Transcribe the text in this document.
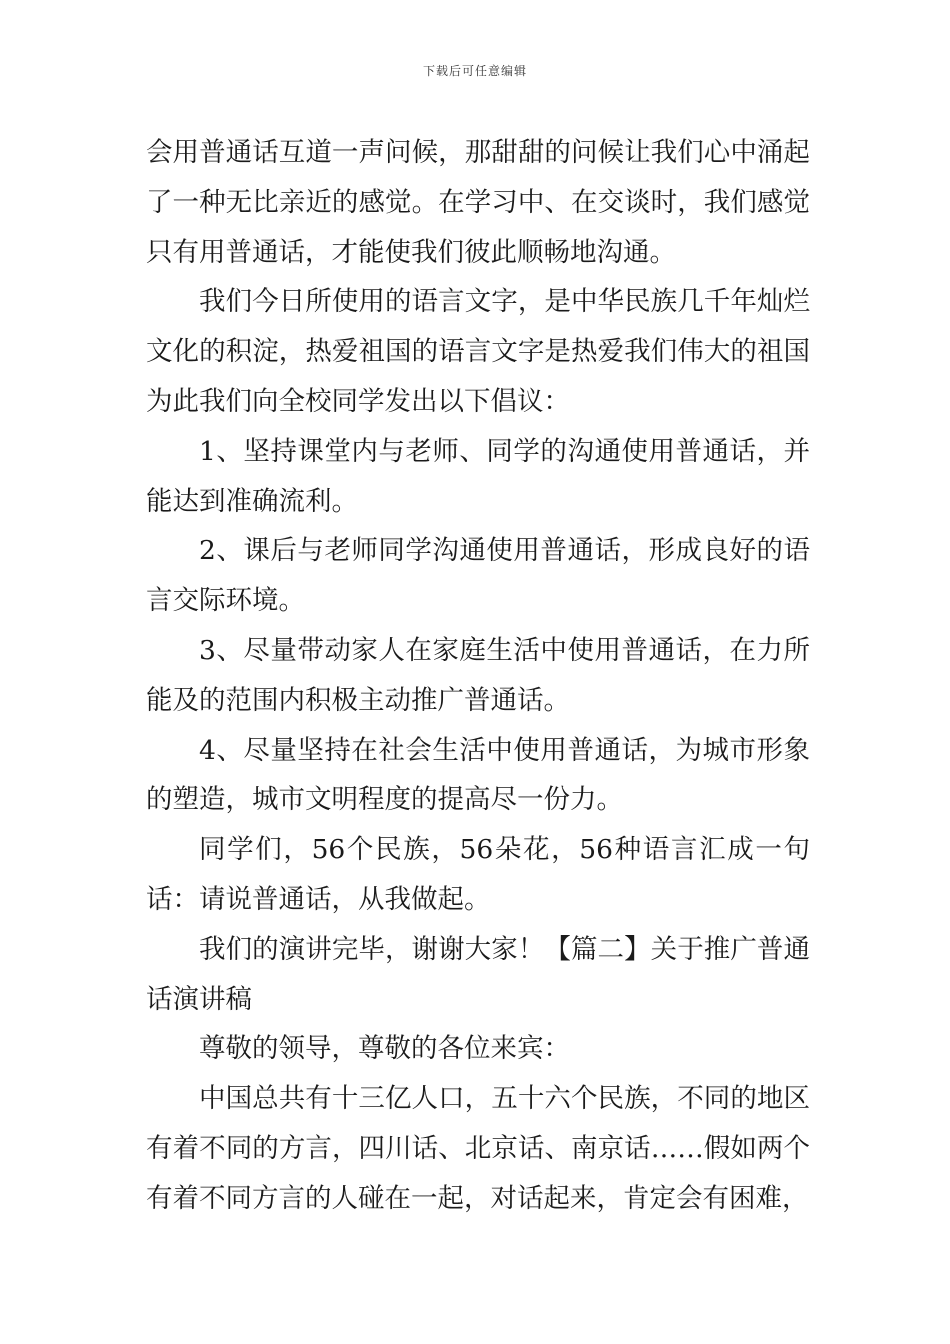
下载后可任意编辑

会用普通话互道一声问候，那甜甜的问候让我们心中涌起了一种无比亲近的感觉。在学习中、在交谈时，我们感觉只有用普通话，才能使我们彼此顺畅地沟通。

我们今日所使用的语言文字，是中华民族几千年灿烂文化的积淀，热爱祖国的语言文字是热爱我们伟大的祖国为此我们向全校同学发出以下倡议：

1、坚持课堂内与老师、同学的沟通使用普通话，并能达到准确流利。

2、课后与老师同学沟通使用普通话，形成良好的语言交际环境。

3、尽量带动家人在家庭生活中使用普通话，在力所能及的范围内积极主动推广普通话。

4、尽量坚持在社会生活中使用普通话，为城市形象的塑造，城市文明程度的提高尽一份力。

同学们，56个民族，56朵花，56种语言汇成一句话：请说普通话，从我做起。

我们的演讲完毕，谢谢大家！【篇二】关于推广普通话演讲稿

尊敬的领导，尊敬的各位来宾：

中国总共有十三亿人口，五十六个民族，不同的地区有着不同的方言，四川话、北京话、南京话……假如两个有着不同方言的人碰在一起，对话起来，肯定会有困难，
